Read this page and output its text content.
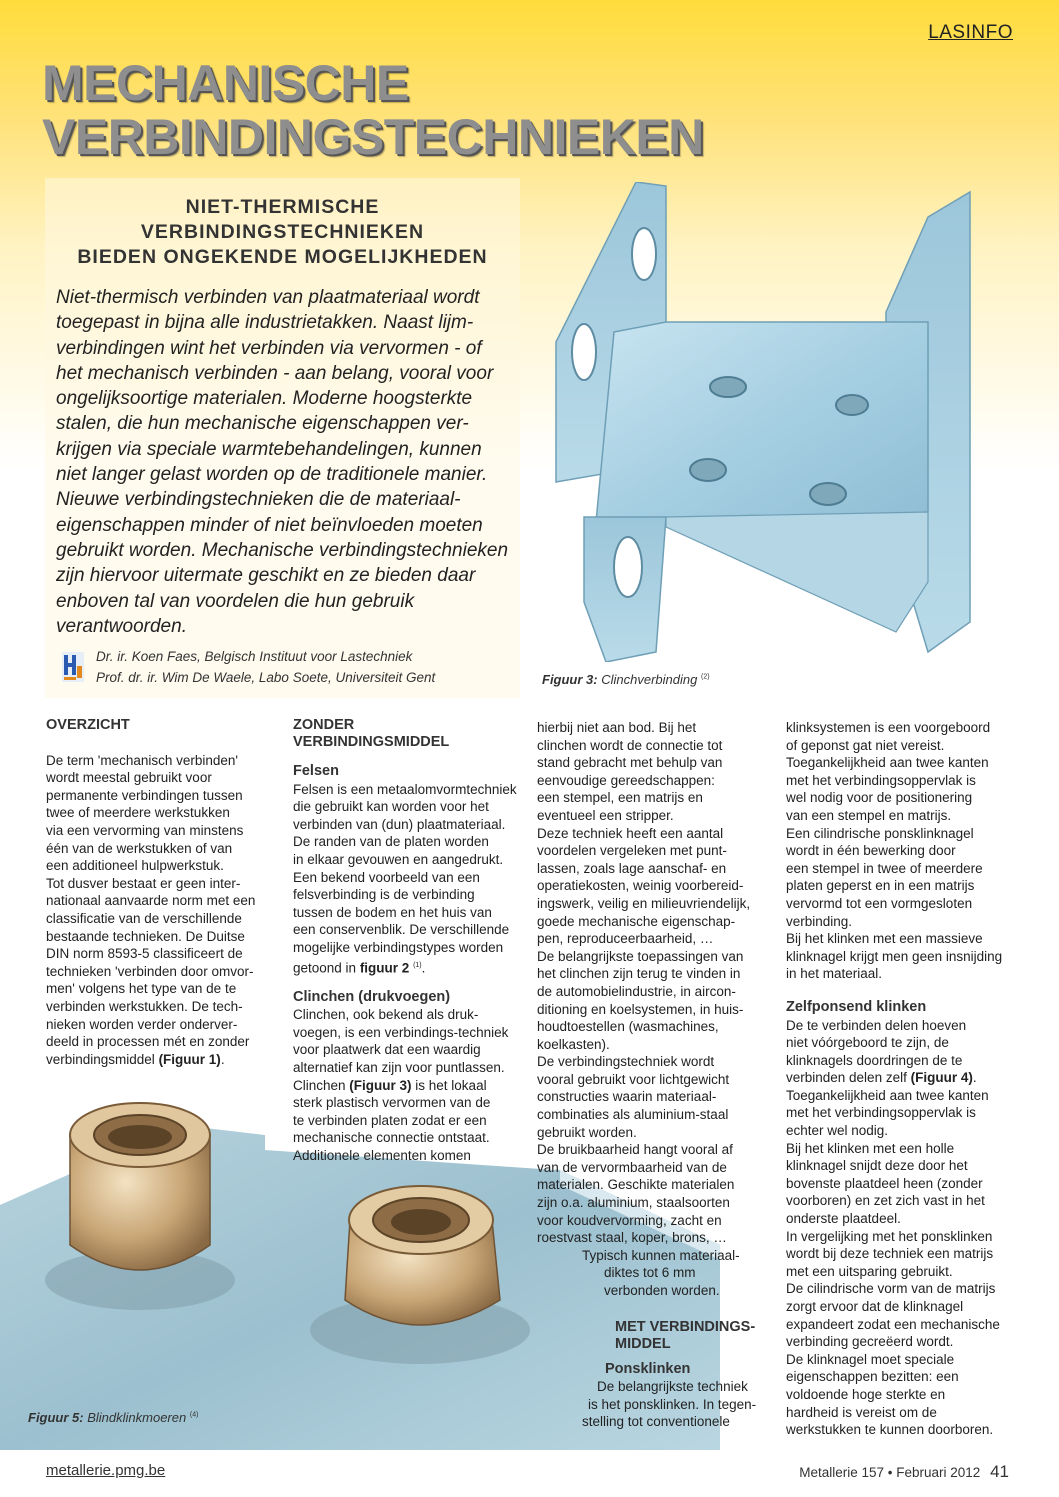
LASINFO
MECHANISCHE
VERBINDINGSTECHNIEKEN
NIET-THERMISCHE
VERBINDINGSTECHNIEKEN
BIEDEN ONGEKENDE MOGELIJKHEDEN
Niet-thermisch verbinden van plaatmateriaal wordt
toegepast in bijna alle industrietakken. Naast lijm-
verbindingen wint het verbinden via vervormen - of
het mechanisch verbinden - aan belang, vooral voor
ongelijksoortige materialen. Moderne hoogsterkte
stalen, die hun mechanische eigenschappen ver-
krijgen via speciale warmtebehandelingen, kunnen
niet langer gelast worden op de traditionele manier.
Nieuwe verbindingstechnieken die de materiaal-
eigenschappen minder of niet beïnvloeden moeten
gebruikt worden. Mechanische verbindingstechnieken
zijn hiervoor uitermate geschikt en ze bieden daar
enboven tal van voordelen die hun gebruik
verantwoorden.
Dr. ir. Koen Faes, Belgisch Instituut voor Lastechniek
Prof. dr. ir. Wim De Waele, Labo Soete, Universiteit Gent	Figuur 3: Clinchverbinding $^{(2)}$
Figuur 5: Blindklinkmoeren $^{(4)}$
OVERZICHT
De term 'mechanisch verbinden'
wordt meestal gebruikt voor
permanente verbindingen tussen
twee of meerdere werkstukken
via een vervorming van minstens
één van de werkstukken of van
een additioneel hulpwerkstuk.
Tot dusver bestaat er geen inter-
nationaal aanvaarde norm met een
classificatie van de verschillende
bestaande technieken. De Duitse
DIN norm 8593-5 classificeert de
technieken 'verbinden door omvor-
men' volgens het type van de te
verbinden werkstukken. De tech-
nieken worden verder onderver-
deeld in processen mét en zonder
verbindingsmiddel (Figuur 1).
ZONDER
VERBINDINGSMIDDEL
Felsen
Felsen is een metaalomvormtechniek
die gebruikt kan worden voor het
verbinden van (dun) plaatmateriaal.
De randen van de platen worden
in elkaar gevouwen en aangedrukt.
Een bekend voorbeeld van een
felsverbinding is de verbinding
tussen de bodem en het huis van
een conservenblik. De verschillende
mogelijke verbindingstypes worden
getoond in figuur 2 $^{(1)}$.
Clinchen (drukvoegen)
Clinchen, ook bekend als druk-
voegen, is een verbindings-techniek
voor plaatwerk dat een waardig
alternatief kan zijn voor puntlassen.
Clinchen (Figuur 3) is het lokaal
sterk plastisch vervormen van de
te verbinden platen zodat er een
mechanische connectie ontstaat.
Additionele elementen komen
hierbij niet aan bod. Bij het
clinchen wordt de connectie tot
stand gebracht met behulp van
eenvoudige gereedschappen:
een stempel, een matrijs en
eventueel een stripper.
Deze techniek heeft een aantal
voordelen vergeleken met punt-
lassen, zoals lage aanschaf- en
operatiekosten, weinig voorbereid-
ingswerk, veilig en milieuvriendelijk,
goede mechanische eigenschap-
pen, reproduceerbaarheid, …
De belangrijkste toepassingen van
het clinchen zijn terug te vinden in
de automobielindustrie, in aircon-
ditioning en koelsystemen, in huis-
houdtoestellen (wasmachines,
koelkasten).
De verbindingstechniek wordt
vooral gebruikt voor lichtgewicht
constructies waarin materiaal-
combinaties als aluminium-staal
gebruikt worden.
De bruikbaarheid hangt vooral af
van de vervormbaarheid van de
materialen. Geschikte materialen
zijn o.a. aluminium, staalsoorten
voor koudvervorming, zacht en
roestvast staal, koper, brons, …
Typisch kunnen materiaal-
diktes tot 6 mm
verbonden worden.
MET VERBINDINGS-
MIDDEL
Ponsklinken
De belangrijkste techniek
is het ponsklinken. In tegen-
stelling tot conventionele
klinksystemen is een voorgeboord
of geponst gat niet vereist.
Toegankelijkheid aan twee kanten
met het verbindingsoppervlak is
wel nodig voor de positionering
van een stempel en matrijs.
Een cilindrische ponsklinknagel
wordt in één bewerking door
een stempel in twee of meerdere
platen geperst en in een matrijs
vervormd tot een vormgesloten
verbinding.
Bij het klinken met een massieve
klinknagel krijgt men geen insnijding
in het materiaal.
Zelfponsend klinken
De te verbinden delen hoeven
niet vóórgeboord te zijn, de
klinknagels doordringen de te
verbinden delen zelf (Figuur 4).
Toegankelijkheid aan twee kanten
met het verbindingsoppervlak is
echter wel nodig.
Bij het klinken met een holle
klinknagel snijdt deze door het
bovenste plaatdeel heen (zonder
voorboren) en zet zich vast in het
onderste plaatdeel.
In vergelijking met het ponsklinken
wordt bij deze techniek een matrijs
met een uitsparing gebruikt.
De cilindrische vorm van de matrijs
zorgt ervoor dat de klinknagel
expandeert zodat een mechanische
verbinding gecreëerd wordt.
De klinknagel moet speciale
eigenschappen bezitten: een
voldoende hoge sterkte en
hardheid is vereist om de
werkstukken te kunnen doorboren.
metallerie.pmg.be	Metallerie 157 • Februari 2012 41
